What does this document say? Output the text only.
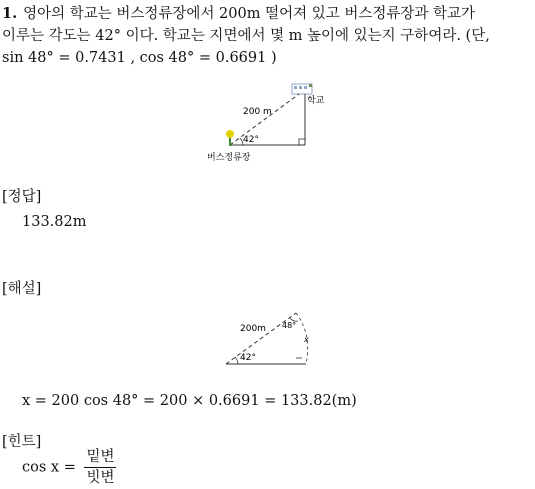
1. 영아의 학교는 버스정류장에서 200m 떨어져 있고 버스정류장과 학교가
이루는 각도는 42° 이다. 학교는 지면에서 몇 m 높이에 있는지 구하여라. (단,
sin 48° = 0.7431 , cos 48° = 0.6691 )
200 m
학교
42°
버스정류장
[정답]
133.82m
[해설]
200m 48°
42°
x
x = 200 cos 48° = 200 × 0.6691 = 133.82(m)
[힌트]
$\cos x = \frac{\text{밑변}}{\text{빗변}}$
